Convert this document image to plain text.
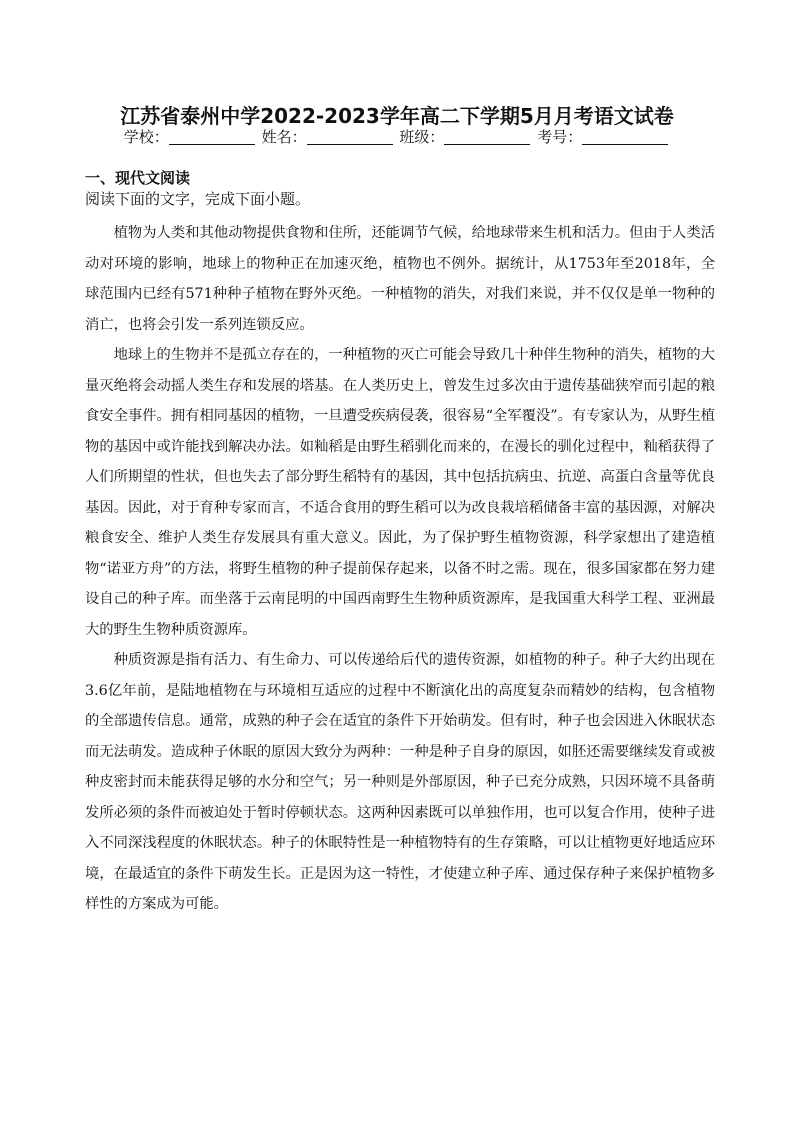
江苏省泰州中学2022-2023学年高二下学期5月月考语文试卷
学校：	姓名：	班级：	考号：
一、现代文阅读
阅读下面的文字，完成下面小题。

植物为人类和其他动物提供食物和住所，还能调节气候，给地球带来生机和活力。但由于人类活动对环境的影响，地球上的物种正在加速灭绝，植物也不例外。据统计，从1753年至2018年，全球范围内已经有571种种子植物在野外灭绝。一种植物的消失，对我们来说，并不仅仅是单一物种的消亡，也将会引发一系列连锁反应。

地球上的生物并不是孤立存在的，一种植物的灭亡可能会导致几十种伴生物种的消失，植物的大量灭绝将会动摇人类生存和发展的塔基。在人类历史上，曾发生过多次由于遗传基础狭窄而引起的粮食安全事件。拥有相同基因的植物，一旦遭受疾病侵袭，很容易“全军覆没”。有专家认为，从野生植物的基因中或许能找到解决办法。如籼稻是由野生稻驯化而来的，在漫长的驯化过程中，籼稻获得了人们所期望的性状，但也失去了部分野生稻特有的基因，其中包括抗病虫、抗逆、高蛋白含量等优良基因。因此，对于育种专家而言，不适合食用的野生稻可以为改良栽培稻储备丰富的基因源，对解决粮食安全、维护人类生存发展具有重大意义。因此，为了保护野生植物资源，科学家想出了建造植物“诺亚方舟”的方法，将野生植物的种子提前保存起来，以备不时之需。现在，很多国家都在努力建设自己的种子库。而坐落于云南昆明的中国西南野生生物种质资源库，是我国重大科学工程、亚洲最大的野生生物种质资源库。

种质资源是指有活力、有生命力、可以传递给后代的遗传资源，如植物的种子。种子大约出现在3.6亿年前，是陆地植物在与环境相互适应的过程中不断演化出的高度复杂而精妙的结构，包含植物的全部遗传信息。通常，成熟的种子会在适宜的条件下开始萌发。但有时，种子也会因进入休眠状态而无法萌发。造成种子休眠的原因大致分为两种：一种是种子自身的原因，如胚还需要继续发育或被种皮密封而未能获得足够的水分和空气；另一种则是外部原因，种子已充分成熟，只因环境不具备萌发所必须的条件而被迫处于暂时停顿状态。这两种因素既可以单独作用，也可以复合作用，使种子进入不同深浅程度的休眠状态。种子的休眠特性是一种植物特有的生存策略，可以让植物更好地适应环境，在最适宜的条件下萌发生长。正是因为这一特性，才使建立种子库、通过保存种子来保护植物多样性的方案成为可能。
